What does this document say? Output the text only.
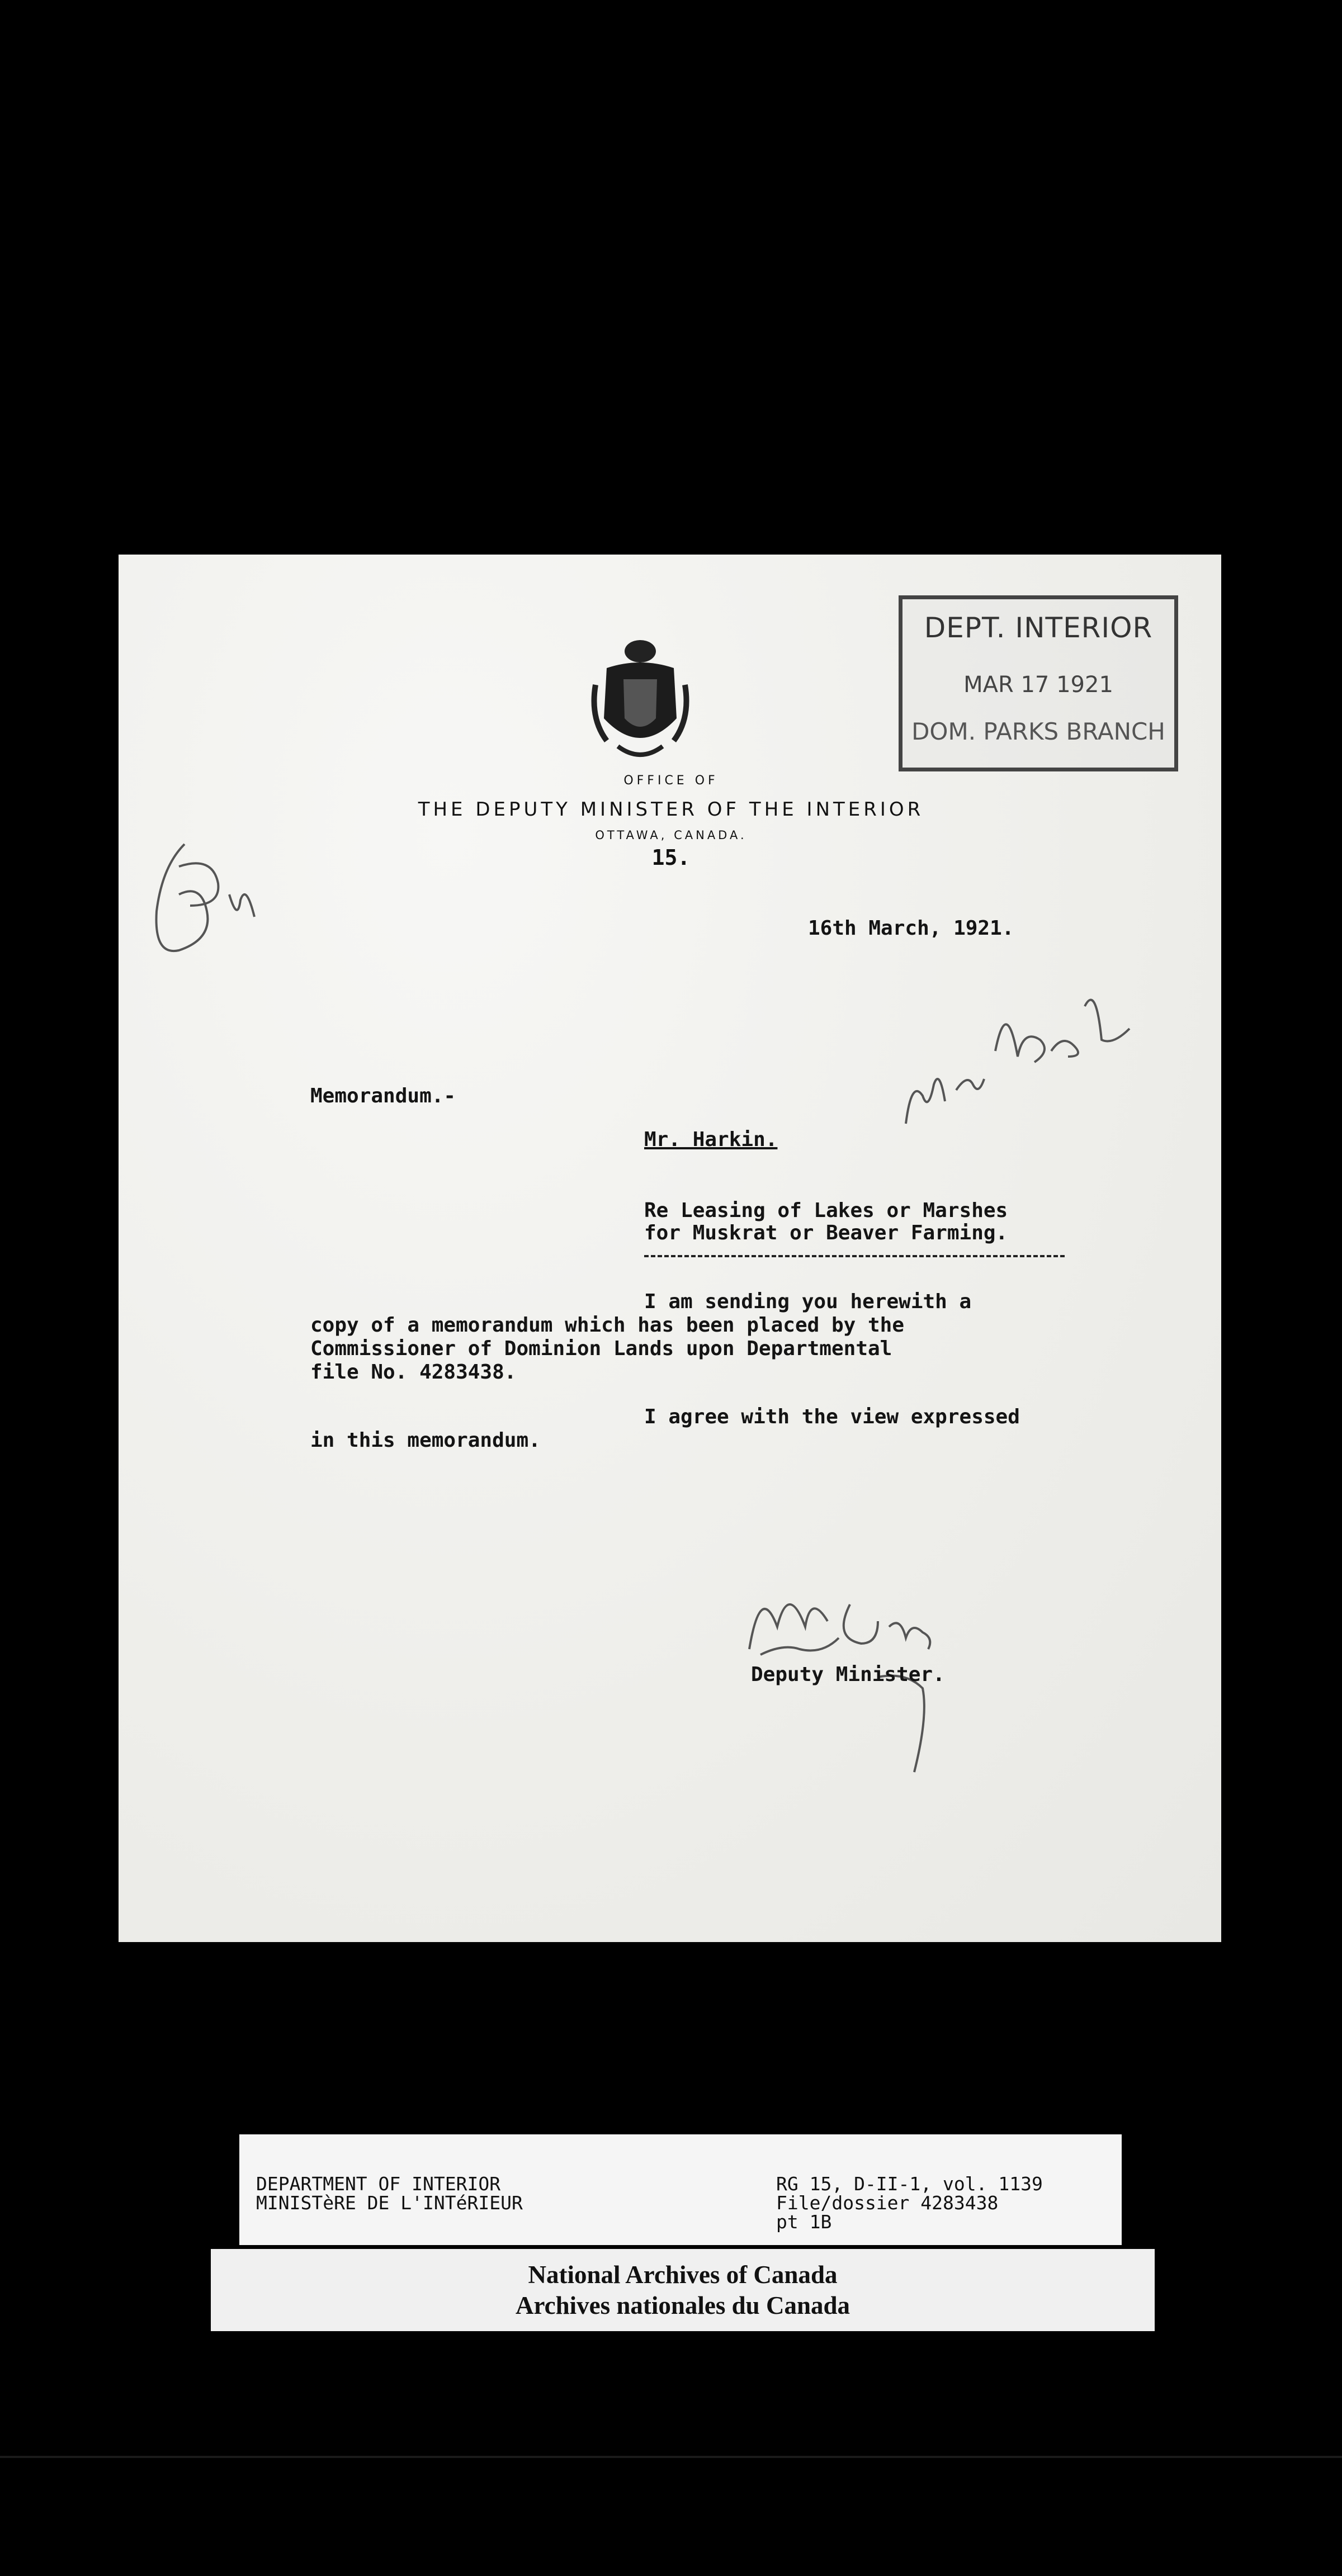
OFFICE OF
THE DEPUTY MINISTER OF THE INTERIOR
OTTAWA, CANADA.
15.
DEPT. INTERIOR
MAR 17 1921
DOM. PARKS BRANCH
16th March, 1921.
Memorandum.-
Mr. Harkin.
Re Leasing of Lakes or Marshes
for Muskrat or Beaver Farming.
I am sending you herewith a
copy of a memorandum which has been placed by the
Commissioner of Dominion Lands upon Departmental
file No. 4283438.
I agree with the view expressed
in this memorandum.
Deputy Minister.
DEPARTMENT OF INTERIOR
MINISTèRE DE L'INTéRIEUR
RG 15, D-II-1, vol. 1139
File/dossier 4283438
pt 1B
National Archives of Canada
Archives nationales du Canada
